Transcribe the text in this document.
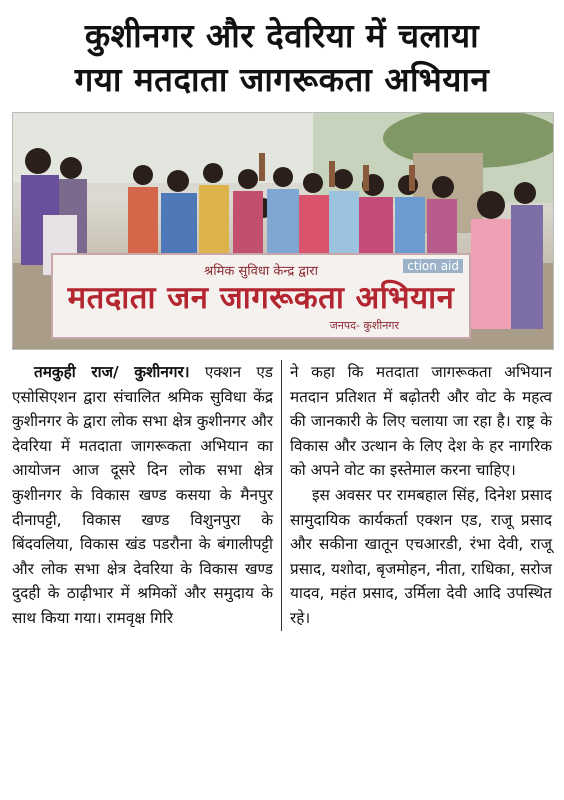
कुशीनगर और देवरिया में चलाया
गया मतदाता जागरूकता अभियान
ction aid
श्रमिक सुविधा केन्द्र द्वारा
मतदाता जन जागरूकता अभियान
जनपद- कुशीनगर

तमकुही राज/ कुशीनगर। एक्शन एड एसोसिएशन द्वारा संचालित श्रमिक सुविधा केंद्र कुशीनगर के द्वारा लोक सभा क्षेत्र कुशीनगर और देवरिया में मतदाता जागरूकता अभियान का आयोजन आज दूसरे दिन लोक सभा क्षेत्र कुशीनगर के विकास खण्ड कसया के मैनपुर दीनापट्टी, विकास खण्ड विशुनपुरा के बिंदवलिया, विकास खंड पडरौना के बंगालीपट्टी और लोक सभा क्षेत्र देवरिया के विकास खण्ड दुदही के ठाढ़ीभार में श्रमिकों और समुदाय के साथ किया गया। रामवृक्ष गिरि

ने कहा कि मतदाता जागरूकता अभियान मतदान प्रतिशत में बढ़ोतरी और वोट के महत्व की जानकारी के लिए चलाया जा रहा है। राष्ट्र के विकास और उत्थान के लिए देश के हर नागरिक को अपने वोट का इस्तेमाल करना चाहिए।

इस अवसर पर रामबहाल सिंह, दिनेश प्रसाद सामुदायिक कार्यकर्ता एक्शन एड, राजू प्रसाद और सकीना खातून एचआरडी, रंभा देवी, राजू प्रसाद, यशोदा, बृजमोहन, नीता, राधिका, सरोज यादव, महंत प्रसाद, उर्मिला देवी आदि उपस्थित रहे।
